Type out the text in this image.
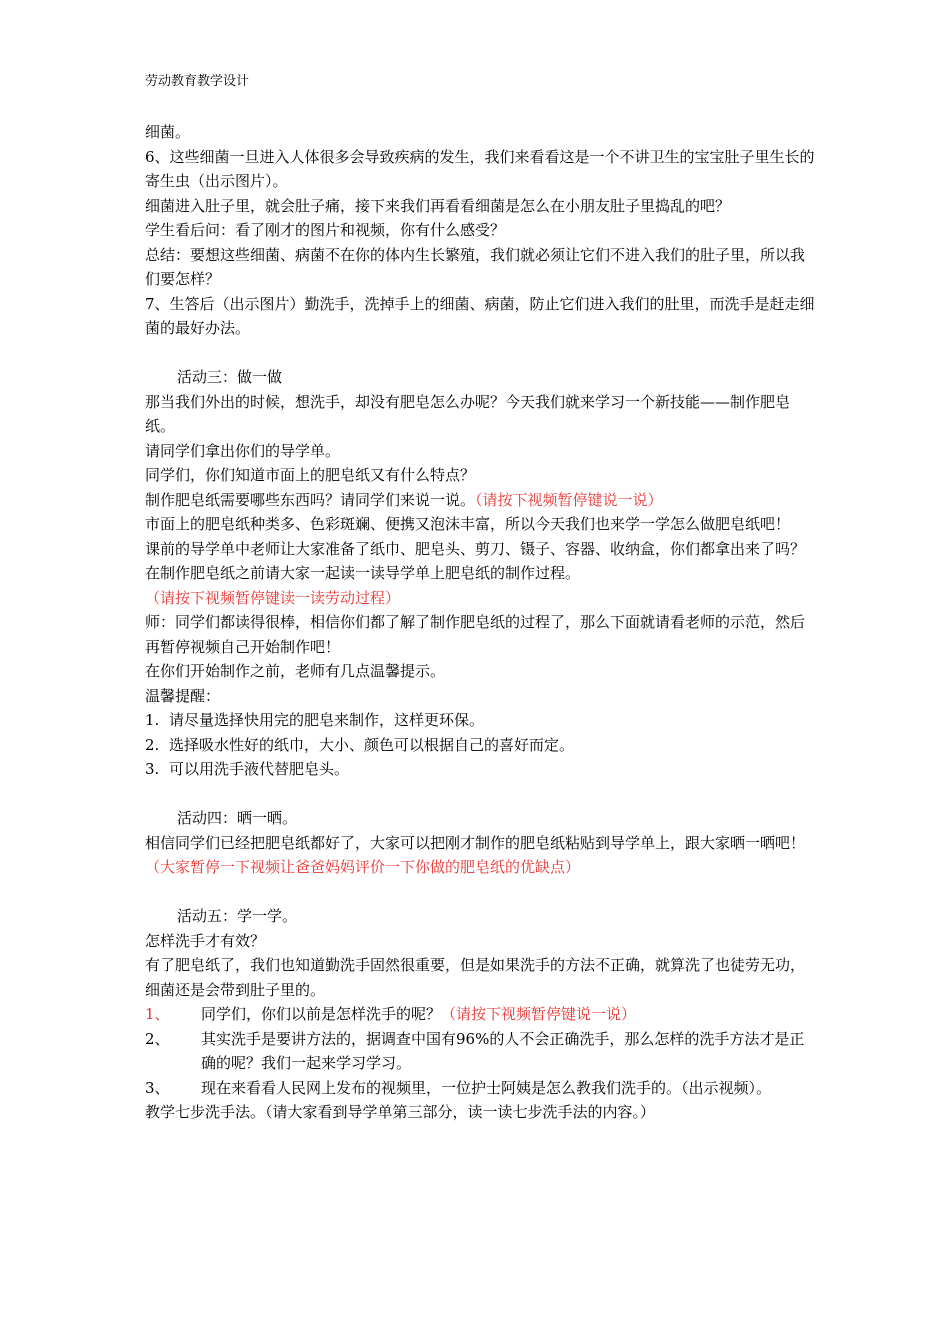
劳动教育教学设计

细菌。

6、这些细菌一旦进入人体很多会导致疾病的发生，我们来看看这是一个不讲卫生的宝宝肚子里生长的寄生虫（出示图片）。

细菌进入肚子里，就会肚子痛，接下来我们再看看细菌是怎么在小朋友肚子里捣乱的吧？

学生看后问：看了刚才的图片和视频，你有什么感受？

总结：要想这些细菌、病菌不在你的体内生长繁殖，我们就必须让它们不进入我们的肚子里，所以我们要怎样？

7、生答后（出示图片）勤洗手，洗掉手上的细菌、病菌，防止它们进入我们的肚里，而洗手是赶走细菌的最好办法。

活动三：做一做

那当我们外出的时候，想洗手，却没有肥皂怎么办呢？今天我们就来学习一个新技能——制作肥皂纸。

请同学们拿出你们的导学单。

同学们，你们知道市面上的肥皂纸又有什么特点？

制作肥皂纸需要哪些东西吗？请同学们来说一说。（请按下视频暂停键说一说）

市面上的肥皂纸种类多、色彩斑斓、便携又泡沫丰富，所以今天我们也来学一学怎么做肥皂纸吧！

课前的导学单中老师让大家准备了纸巾、肥皂头、剪刀、镊子、容器、收纳盒，你们都拿出来了吗？

在制作肥皂纸之前请大家一起读一读导学单上肥皂纸的制作过程。

（请按下视频暂停键读一读劳动过程）

师：同学们都读得很棒，相信你们都了解了制作肥皂纸的过程了，那么下面就请看老师的示范，然后再暂停视频自己开始制作吧！

在你们开始制作之前，老师有几点温馨提示。

温馨提醒：

1. 请尽量选择快用完的肥皂来制作，这样更环保。
2. 选择吸水性好的纸巾，大小、颜色可以根据自己的喜好而定。
3. 可以用洗手液代替肥皂头。

活动四：晒一晒。

相信同学们已经把肥皂纸都好了，大家可以把刚才制作的肥皂纸粘贴到导学单上，跟大家晒一晒吧！（大家暂停一下视频让爸爸妈妈评价一下你做的肥皂纸的优缺点）

活动五：学一学。

怎样洗手才有效？

有了肥皂纸了，我们也知道勤洗手固然很重要，但是如果洗手的方法不正确，就算洗了也徒劳无功，细菌还是会带到肚子里的。

1、	同学们，你们以前是怎样洗手的呢？（请按下视频暂停键说一说）
2、	其实洗手是要讲方法的，据调查中国有96%的人不会正确洗手，那么怎样的洗手方法才是正确的呢？我们一起来学习学习。
3、	现在来看看人民网上发布的视频里，一位护士阿姨是怎么教我们洗手的。（出示视频）。

教学七步洗手法。（请大家看到导学单第三部分，读一读七步洗手法的内容。）
